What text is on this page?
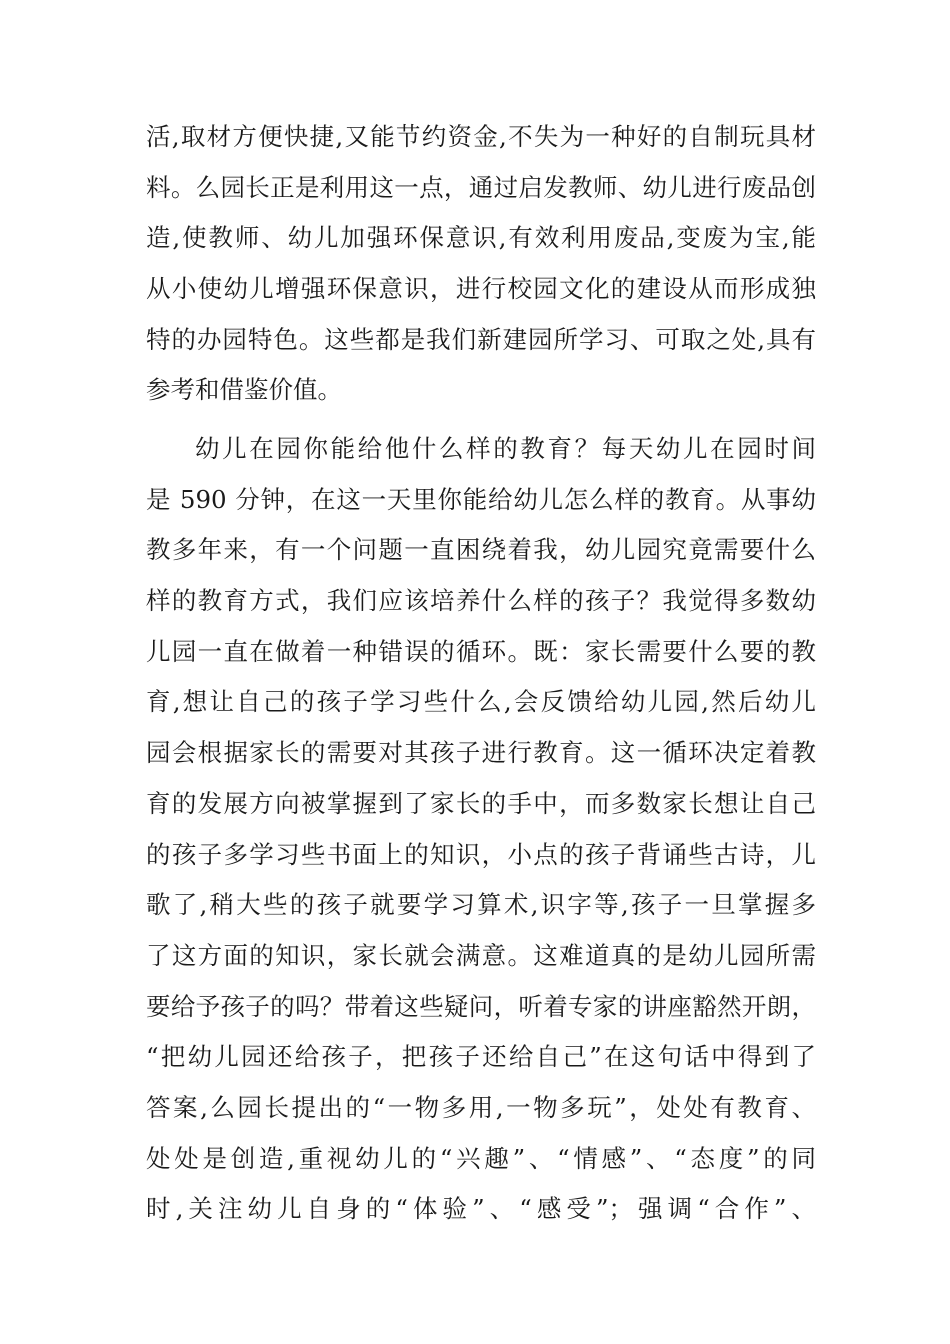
活,取材方便快捷,又能节约资金,不失为一种好的自制玩具材
料。么园长正是利用这一点，通过启发教师、幼儿进行废品创
造,使教师、幼儿加强环保意识,有效利用废品,变废为宝,能
从小使幼儿增强环保意识，进行校园文化的建设从而形成独
特的办园特色。这些都是我们新建园所学习、可取之处,具有
参考和借鉴价值。
幼儿在园你能给他什么样的教育？每天幼儿在园时间
是 590 分钟，在这一天里你能给幼儿怎么样的教育。从事幼
教多年来，有一个问题一直困绕着我，幼儿园究竟需要什么
样的教育方式，我们应该培养什么样的孩子？我觉得多数幼
儿园一直在做着一种错误的循环。既：家长需要什么要的教
育,想让自己的孩子学习些什么,会反馈给幼儿园,然后幼儿
园会根据家长的需要对其孩子进行教育。这一循环决定着教
育的发展方向被掌握到了家长的手中，而多数家长想让自己
的孩子多学习些书面上的知识，小点的孩子背诵些古诗，儿
歌了,稍大些的孩子就要学习算术,识字等,孩子一旦掌握多
了这方面的知识，家长就会满意。这难道真的是幼儿园所需
要给予孩子的吗？带着这些疑问，听着专家的讲座豁然开朗，
“把幼儿园还给孩子，把孩子还给自己”在这句话中得到了
答案,么园长提出的“一物多用,一物多玩”，处处有教育、
处处是创造,重视幼儿的“兴趣”、“情感”、“态度”的同
时,关注幼儿自身的“体验”、“感受”；强调“合作”、
